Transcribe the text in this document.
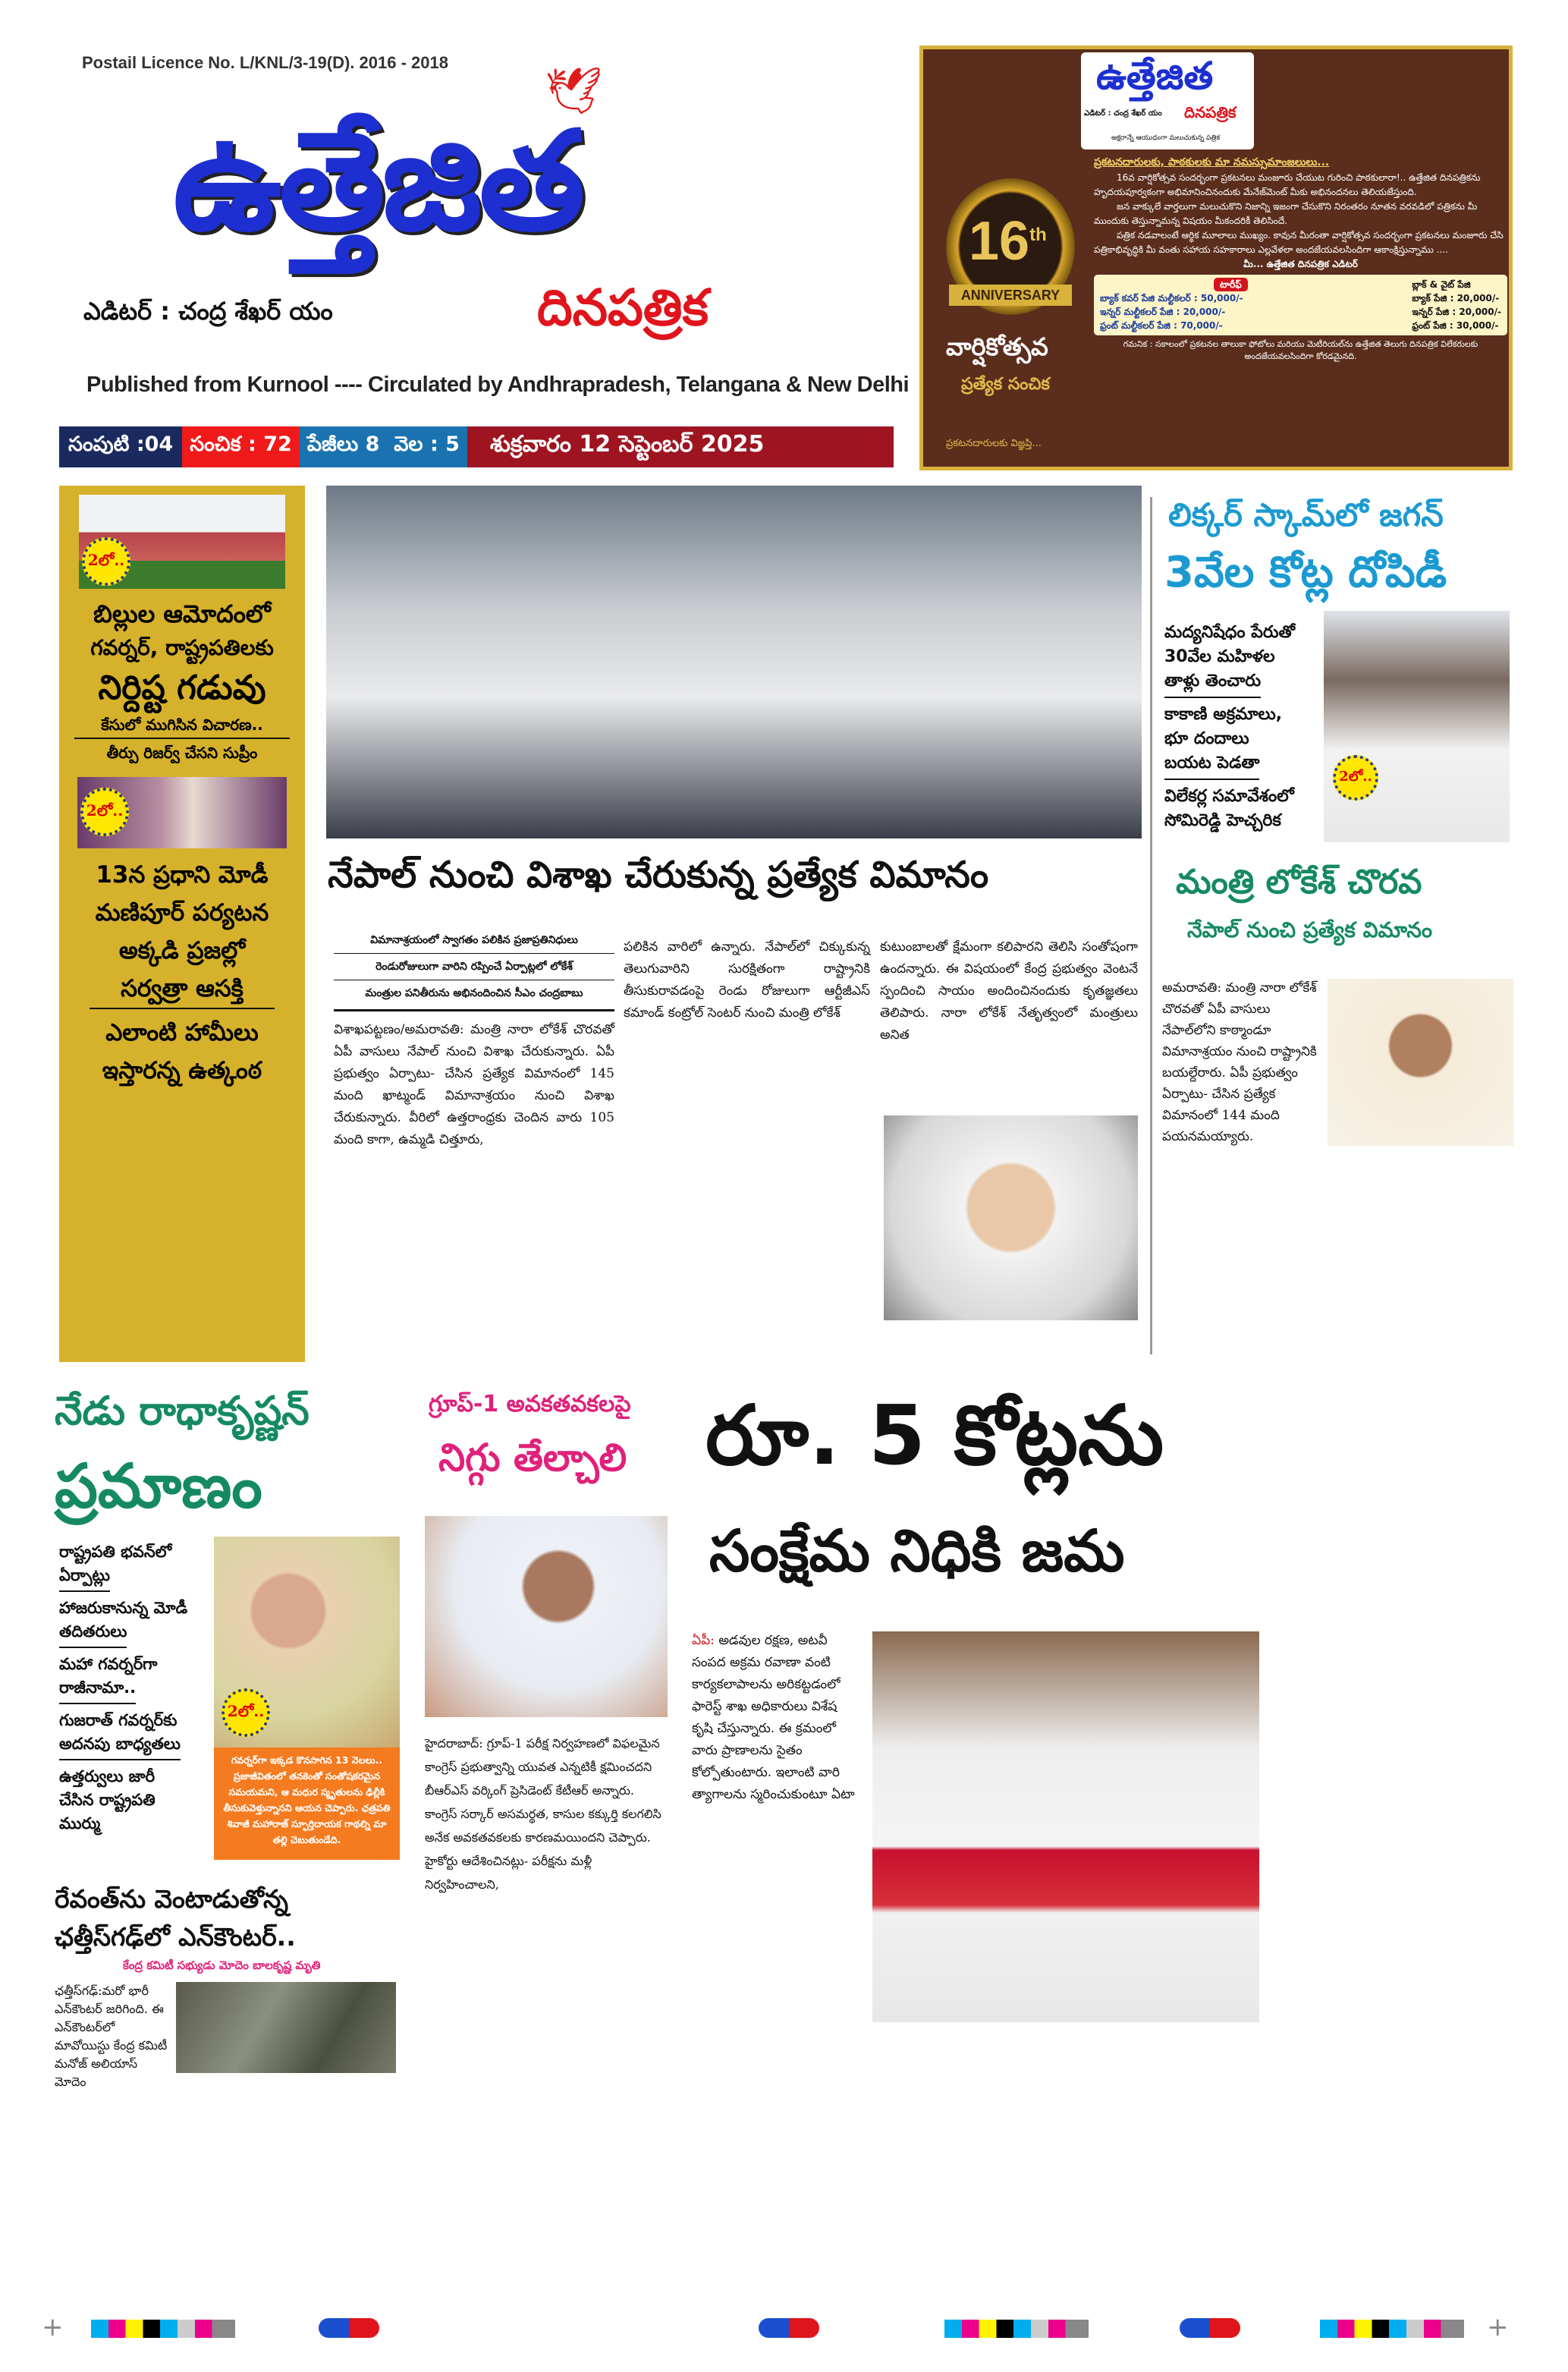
Postail Licence No. L/KNL/3-19(D). 2016 - 2018
🕊
ఉత్తేజిత
ఎడిటర్ : చంద్ర శేఖర్ యం	దినపత్రిక
Published from Kurnool ---- Circulated by Andhrapradesh, Telangana & New Delhi
సంపుటి :04 సంచిక : 72 పేజీలు 8 వెల : 5	శుక్రవారం 12 సెప్టెంబర్ 2025
ఉత్తేజిత
ఎడిటర్ : చంద్ర శేఖర్ యం దినపత్రిక
అక్షరాన్నే ఆయుధంగా మలుచుకున్న పత్రిక
16th
ANNIVERSARY
వార్షికోత్సవ
ప్రత్యేక సంచిక
ప్రకటనదారులకు విజ్ఞప్తి...
ప్రకటనదారులకు, పాఠకులకు మా నమస్సుమాంజలులు...

16వ వార్షికోత్సవ సందర్భంగా ప్రకటనలు మంజూరు చేయుట గురించి పాఠకులారా!.. ఉత్తేజిత దినపత్రికను హృదయపూర్వకంగా అభిమానించినందుకు మేనేజ్‌మెంట్ మీకు అభినందనలు తెలియజేస్తుంది.

జన వాక్కులే వార్తలుగా మలుచుకొని నిజాన్ని ఇజంగా చేసుకొని నిరంతరం నూతన వరవడిలో పత్రికను మీ ముందుకు తెస్తున్నామన్న విషయం మీకందరికీ తెలిసిందే.

పత్రిక నడవాలంటే ఆర్థిక మూలాలు ముఖ్యం. కావున మీరంతా వార్షికోత్సవ సందర్భంగా ప్రకటనలు మంజూరు చేసి పత్రికాభివృద్ధికి మీ వంతు సహాయ సహకారాలు ఎల్లవేళలా అందజేయవలసిందిగా ఆకాంక్షిస్తున్నాము ....

మీ... ఉత్తేజిత దినపత్రిక ఎడిటర్
టారీఫ్
బ్యాక్ కవర్ పేజి మల్టీకలర్ : 50,000/-
ఇన్నర్ మల్టీకలర్ పేజి : 20,000/-
ఫ్రంట్ మల్టీకలర్ పేజి : 70,000/-
బ్లాక్ & వైట్ పేజి
బ్యాక్ పేజి : 20,000/-
ఇన్నర్ పేజి : 20,000/-
ఫ్రంట్ పేజి : 30,000/-
గమనిక : సకాలంలో ప్రకటనల తాలుకా ఫోటోలు మరియు మెటీరియల్‌ను ఉత్తేజిత తెలుగు దినపత్రిక విలేకరులకు అందజేయవలసిందిగా కోరడమైనది.
2లో..
బిల్లుల ఆమోదంలో
గవర్నర్, రాష్ట్రపతిలకు
నిర్దిష్ట గడువు
కేసులో ముగిసిన విచారణ..
తీర్పు రిజర్వ్ చేసని సుప్రీం
2లో..
13న ప్రధాని మోడీ
మణిపూర్ పర్యటన
అక్కడి ప్రజల్లో
సర్వత్రా ఆసక్తి
ఎలాంటి హామీలు
ఇస్తారన్న ఉత్కంఠ
నేపాల్ నుంచి విశాఖ చేరుకున్న ప్రత్యేక విమానం
విమానాశ్రయంలో స్వాగతం పలికిన ప్రజాప్రతినిధులు
రెండురోజులుగా వారిని రప్పించే ఏర్పాట్లలో లోకేశ్
మంత్రుల పనితీరును అభినందించిన సీఎం చంద్రబాబు
విశాఖపట్టణం/అమరావతి: మంత్రి నారా లోకేశ్ చొరవతో ఏపీ వాసులు నేపాల్ నుంచి విశాఖ చేరుకున్నారు. ఏపీ ప్రభుత్వం ఏర్పాటు- చేసిన ప్రత్యేక విమానంలో 145 మంది ఖాట్మండ్ విమానాశ్రయం నుంచి విశాఖ చేరుకున్నారు. వీరిలో ఉత్తరాంధ్రకు చెందిన వారు 105 మంది కాగా, ఉమ్మడి చిత్తూరు,
పలికిన వారిలో ఉన్నారు. నేపాల్‌లో చిక్కుకున్న తెలుగువారిని సురక్షితంగా రాష్ట్రానికి తీసుకురావడంపై రెండు రోజులుగా ఆర్టీజీఎస్ కమాండ్ కంట్రోల్ సెంటర్ నుంచి మంత్రి లోకేశ్
కుటుంబాలతో క్షేమంగా కలిపారని తెలిసి సంతోషంగా ఉందన్నారు. ఈ విషయంలో కేంద్ర ప్రభుత్వం వెంటనే స్పందించి సాయం అందించినందుకు కృతజ్ఞతలు తెలిపారు. నారా లోకేశ్ నేతృత్వంలో మంత్రులు అనిత
లిక్కర్ స్కామ్‌లో జగన్
3వేల కోట్ల దోపిడీ
మద్యనిషేధం పేరుతో
30వేల మహిళల
తాళ్లు తెంచారు
కాకాణి అక్రమాలు,
భూ దందాలు
బయట పెడతా
విలేకర్ల సమావేశంలో
సోమిరెడ్డి హెచ్చరిక
2లో..
మంత్రి లోకేశ్ చొరవ
నేపాల్ నుంచి ప్రత్యేక విమానం
అమరావతి: మంత్రి నారా లోకేశ్ చొరవతో ఏపీ వాసులు నేపాల్‌లోని కాఠ్మాండూ విమానాశ్రయం నుంచి రాష్ట్రానికి బయల్దేరారు. ఏపీ ప్రభుత్వం ఏర్పాటు- చేసిన ప్రత్యేక విమానంలో 144 మంది పయనమయ్యారు.
నేడు రాధాకృష్ణన్
ప్రమాణం
రాష్ట్రపతి భవన్‌లో
ఏర్పాట్లు
హాజరుకానున్న మోడీ
తదితరులు
మహా గవర్నర్‌గా
రాజీనామా..
గుజరాత్ గవర్నర్‌కు
అదనపు బాధ్యతలు
ఉత్తర్వులు జారీ
చేసిన రాష్ట్రపతి
ముర్ము
2లో..
గవర్నర్‌గా ఇక్కడ కొనసాగిన 13 నెలలు.. ప్రజాజీవితంలో తనకెంతో సంతోషకరమైన సమయమని, ఆ మధుర స్మృతులను ఢిల్లీకి తీసుకువెళ్తున్నానని ఆయన చెప్పారు. ఛత్రపతి శివాజీ మహారాజ్ స్ఫూర్తిదాయక గాథల్ని మా తల్లి చెబుతుండేది.
రేవంత్‌ను వెంటాడుతోన్న
ఛత్తీస్‌గఢ్‌లో ఎన్‌కౌంటర్..
కేంద్ర కమిటీ సభ్యుడు మోదెం బాలకృష్ణ మృతి
ఛత్తీస్‌గఢ్:మరో భారీ ఎన్‌కౌంటర్ జరిగింది. ఈ ఎన్‌కౌంటర్‌లో మావోయిస్టు కేంద్ర కమిటీ మనోజ్ అలియాస్ మోదెం
గ్రూప్-1 అవకతవకలపై
నిగ్గు తేల్చాలి
హైదరాబాద్: గ్రూప్-1 పరీక్ష నిర్వహణలో విఫలమైన కాంగ్రెస్ ప్రభుత్వాన్ని యువత ఎన్నటికీ క్షమించదని బీఆర్ఎస్ వర్కింగ్ ప్రెసిడెంట్ కేటీఆర్ అన్నారు. కాంగ్రెస్ సర్కార్ అసమర్థత, కాసుల కక్కుర్తి కలగలిసి అనేక అవకతవకలకు కారణమయిందని చెప్పారు. హైకోర్టు ఆదేశించినట్లు- పరీక్షను మళ్లీ నిర్వహించాలని,
రూ. 5 కోట్లను
సంక్షేమ నిధికి జమ
ఏపీ: అడవుల రక్షణ, అటవీ సంపద అక్రమ రవాణా వంటి కార్యకలాపాలను అరికట్టడంలో ఫారెస్ట్ శాఖ అధికారులు విశేష కృషి చేస్తున్నారు. ఈ క్రమంలో వారు ప్రాణాలను సైతం కోల్పోతుంటారు. ఇలాంటి వారి త్యాగాలను స్మరించుకుంటూ ఏటా
+	+
